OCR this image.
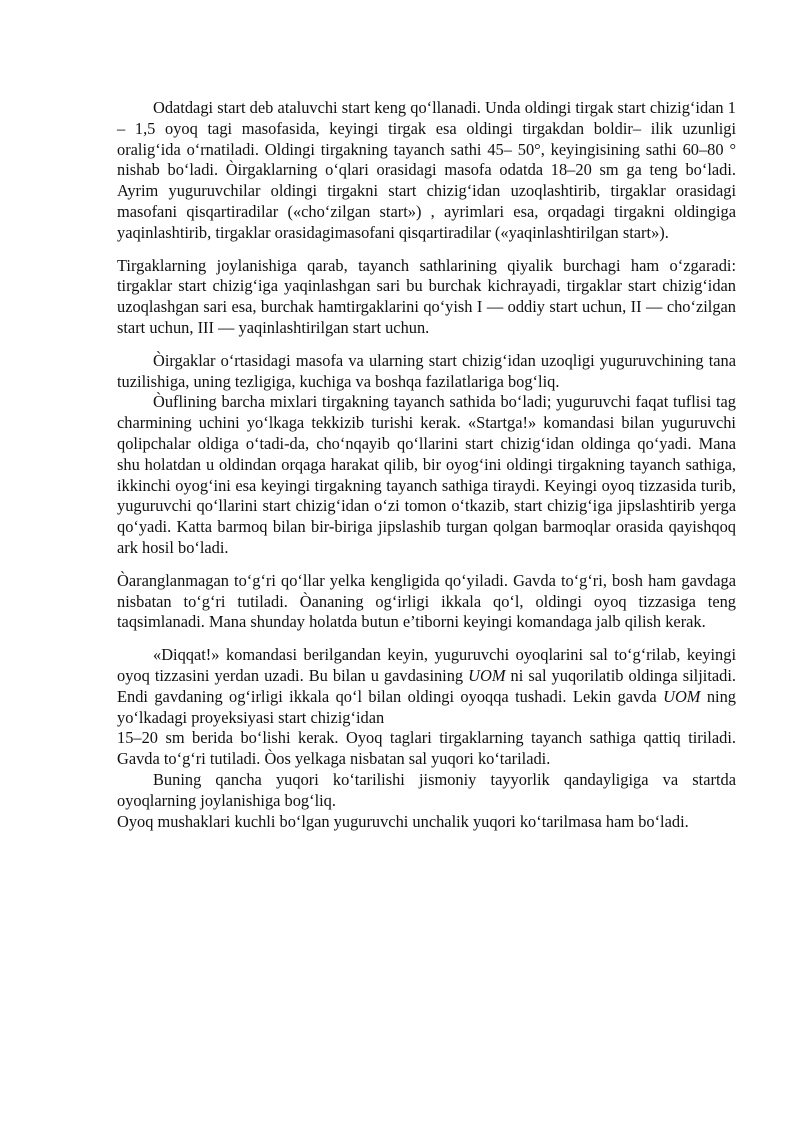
Odatdagi start deb ataluvchi start keng qo‘llanadi. Unda oldingi tirgak start chizig‘idan 1 – 1,5 oyoq tagi masofasida, keyingi tirgak esa oldingi tirgakdan boldir– ilik uzunligi oralig‘ida o‘rnatiladi. Oldingi tirgakning tayanch sathi 45– 50°, keyingisining sathi 60–80 ° nishab bo‘ladi. Òirgaklarning o‘qlari orasidagi masofa odatda 18–20 sm ga teng bo‘ladi. Ayrim yuguruvchilar oldingi tirgakni start chizig‘idan uzoqlashtirib, tirgaklar orasidagi masofani qisqartiradilar («cho‘zilgan start») , ayrimlari esa, orqadagi tirgakni oldingiga yaqinlashtirib, tirgaklar orasidagimasofani qisqartiradilar («yaqinlashtirilgan start»).

Tirgaklarning joylanishiga qarab, tayanch sathlarining qiyalik burchagi ham o‘zgaradi: tirgaklar start chizig‘iga yaqinlashgan sari bu burchak kichrayadi, tirgaklar start chizig‘idan uzoqlashgan sari esa, burchak hamtirgaklarini qo‘yish I — oddiy start uchun, II — cho‘zilgan start uchun, III — yaqinlashtirilgan start uchun.

Òirgaklar o‘rtasidagi masofa va ularning start chizig‘idan uzoqligi yuguruvchining tana tuzilishiga, uning tezligiga, kuchiga va boshqa fazilatlariga bog‘liq.

Òuflining barcha mixlari tirgakning tayanch sathida bo‘ladi; yuguruvchi faqat tuflisi tag charmining uchini yo‘lkaga tekkizib turishi kerak. «Startga!» komandasi bilan yuguruvchi qolipchalar oldiga o‘tadi-da, cho‘nqayib qo‘llarini start chizig‘idan oldinga qo‘yadi. Mana shu holatdan u oldindan orqaga harakat qilib, bir oyog‘ini oldingi tirgakning tayanch sathiga, ikkinchi oyog‘ini esa keyingi tirgakning tayanch sathiga tiraydi. Keyingi oyoq tizzasida turib, yuguruvchi qo‘llarini start chizig‘idan o‘zi tomon o‘tkazib, start chizig‘iga jipslashtirib yerga qo‘yadi. Katta barmoq bilan bir-biriga jipslashib turgan qolgan barmoqlar orasida qayishqoq ark hosil bo‘ladi.

Òaranglanmagan to‘g‘ri qo‘llar yelka kengligida qo‘yiladi. Gavda to‘g‘ri, bosh ham gavdaga nisbatan to‘g‘ri tutiladi. Òananing og‘irligi ikkala qo‘l, oldingi oyoq tizzasiga teng taqsimlanadi. Mana shunday holatda butun e’tiborni keyingi komandaga jalb qilish kerak.

«Diqqat!» komandasi berilgandan keyin, yuguruvchi oyoqlarini sal to‘g‘rilab, keyingi oyoq tizzasini yerdan uzadi. Bu bilan u gavdasining UOM ni sal yuqorilatib oldinga siljitadi. Endi gavdaning og‘irligi ikkala qo‘l bilan oldingi oyoqqa tushadi. Lekin gavda UOM ning yo‘lkadagi proyeksiyasi start chizig‘idan

15–20 sm berida bo‘lishi kerak. Oyoq taglari tirgaklarning tayanch sathiga qattiq tiriladi. Gavda to‘g‘ri tutiladi. Òos yelkaga nisbatan sal yuqori ko‘tariladi.

Buning qancha yuqori ko‘tarilishi jismoniy tayyorlik qandayligiga va startda oyoqlarning joylanishiga bog‘liq.

Oyoq mushaklari kuchli bo‘lgan yuguruvchi unchalik yuqori ko‘tarilmasa ham bo‘ladi.
